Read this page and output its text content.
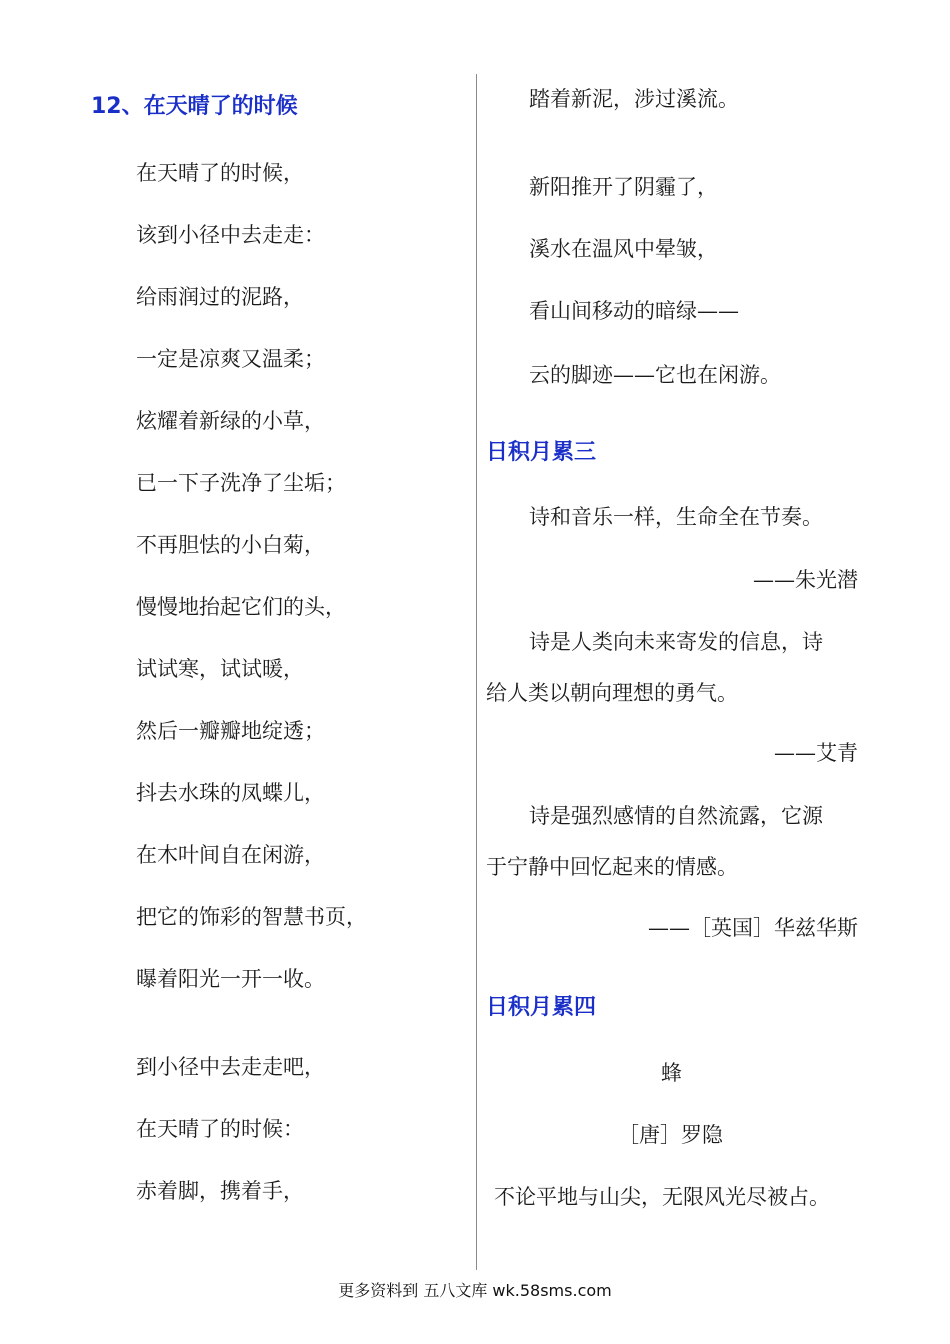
12、在天晴了的时候
在天晴了的时候，
该到小径中去走走：
给雨润过的泥路，
一定是凉爽又温柔；
炫耀着新绿的小草，
已一下子洗净了尘垢；
不再胆怯的小白菊，
慢慢地抬起它们的头，
试试寒，试试暖，
然后一瓣瓣地绽透；
抖去水珠的凤蝶儿，
在木叶间自在闲游，
把它的饰彩的智慧书页，
曝着阳光一开一收。
到小径中去走走吧，
在天晴了的时候：
赤着脚，携着手，
踏着新泥，涉过溪流。
新阳推开了阴霾了，
溪水在温风中晕皱，
看山间移动的暗绿——
云的脚迹——它也在闲游。
日积月累三
诗和音乐一样，生命全在节奏。
——朱光潜
诗是人类向未来寄发的信息，诗
给人类以朝向理想的勇气。
——艾青
诗是强烈感情的自然流露，它源
于宁静中回忆起来的情感。
——［英国］华兹华斯
日积月累四
蜂
［唐］罗隐
不论平地与山尖，无限风光尽被占。
更多资料到 五八文库 wk.58sms.com
